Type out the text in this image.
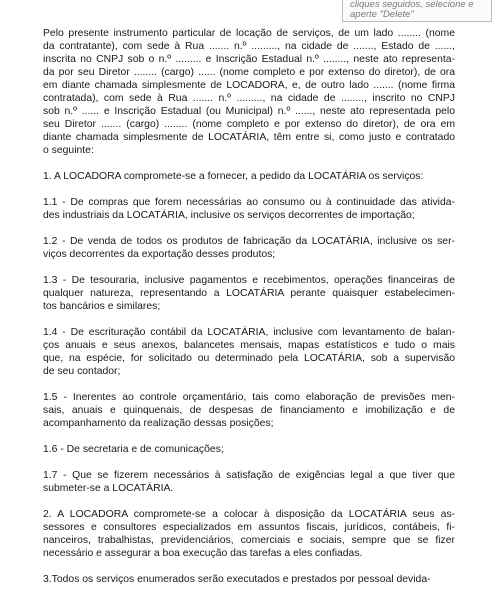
cliques seguidos, selecione e
aperte "Delete"
Pelo presente instrumento particular de locação de serviços, de um lado ........ (nome
da contratante), com sede à Rua ....... n.º ........., na cidade de ......., Estado de ......,
inscrita no CNPJ sob o n.º ......... e Inscrição Estadual n.º ........, neste ato representa-
da por seu Diretor ........ (cargo) ...... (nome completo e por extenso do diretor), de ora
em diante chamada simplesmente de LOCADORA, e, de outro lado ....... (nome firma
contratada), com sede à Rua ....... n.º ........., na cidade de ........, inscrito no CNPJ
sob n.º ...... e Inscrição Estadual (ou Municipal) n.º ......, neste ato representada pelo
seu Diretor ....... (cargo) ........ (nome completo e por extenso do diretor), de ora em
diante chamada simplesmente de LOCATÁRIA, têm entre si, como justo e contratado
o seguinte:
1. A LOCADORA compromete-se a fornecer, a pedido da LOCATÁRIA os serviços:
1.1 - De compras que forem necessárias ao consumo ou à continuidade das ativida-
des industriais da LOCATÁRIA, inclusive os serviços decorrentes de importação;
1.2 - De venda de todos os produtos de fabricação da LOCATÁRIA, inclusive os ser-
viços decorrentes da exportação desses produtos;
1.3 - De tesouraria, inclusive pagamentos e recebimentos, operações financeiras de
qualquer natureza, representando a LOCATÁRIA perante quaisquer estabelecimen-
tos bancários e similares;
1.4 - De escrituração contábil da LOCATÁRIA, inclusive com levantamento de balan-
ços anuais e seus anexos, balancetes mensais, mapas estatísticos e tudo o mais
que, na espécie, for solicitado ou determinado pela LOCATÁRIA, sob a supervisão
de seu contador;
1.5 - Inerentes ao controle orçamentário, tais como elaboração de previsões men-
sais, anuais e quinquenais, de despesas de financiamento e imobilização e de
acompanhamento da realização dessas posições;
1.6 - De secretaria e de comunicações;
1.7 - Que se fizerem necessários à satisfação de exigências legal a que tiver que
submeter-se a LOCATÁRIA.
2. A LOCADORA compromete-se a colocar à disposição da LOCATÁRIA seus as-
sessores e consultores especializados em assuntos fiscais, jurídicos, contábeis, fi-
nanceiros, trabalhistas, previdenciários, comerciais e sociais, sempre que se fizer
necessário e assegurar a boa execução das tarefas a eles confiadas.
3.Todos os serviços enumerados serão executados e prestados por pessoal devida-
